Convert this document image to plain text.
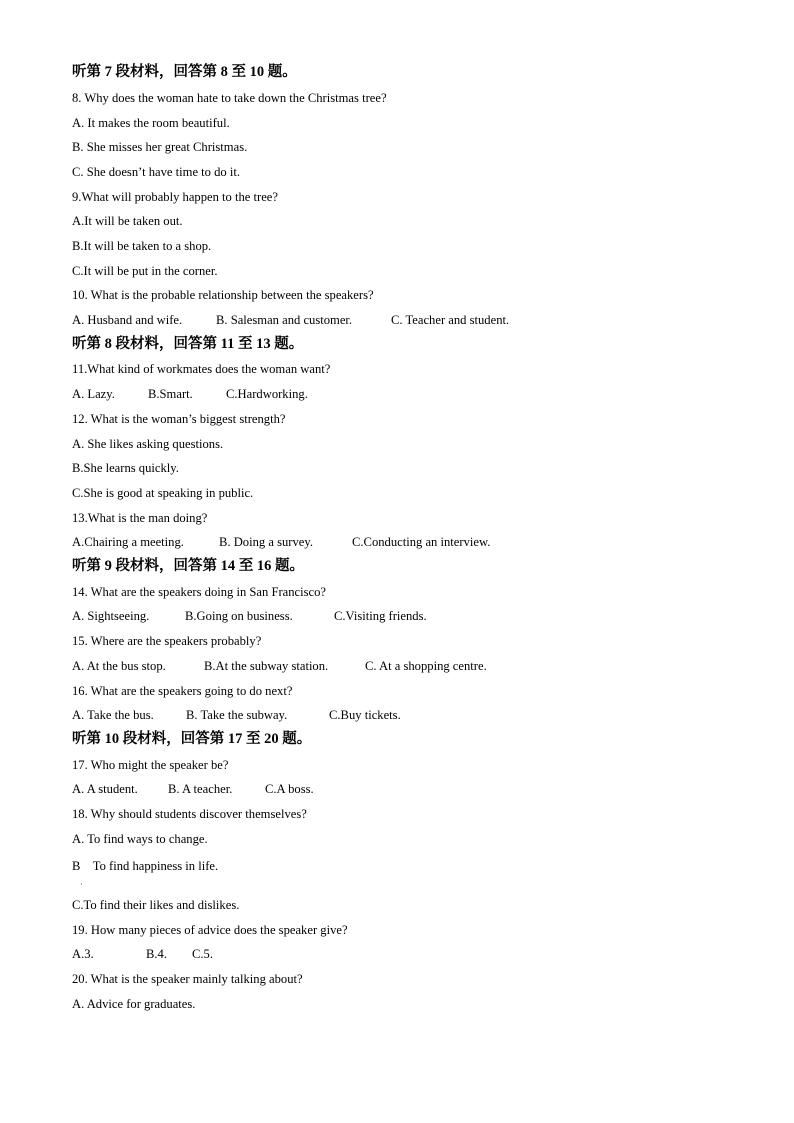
听第 7 段材料，回答第 8 至 10 题。
8. Why does the woman hate to take down the Christmas tree?
A. It makes the room beautiful.
B. She misses her great Christmas.
C. She doesn’t have time to do it.
9.What will probably happen to the tree?
A.It will be taken out.
B.It will be taken to a shop.
C.It will be put in the corner.
10. What is the probable relationship between the speakers?
A. Husband and wife.	B. Salesman and customer.	C. Teacher and student.
听第 8 段材料，回答第 11 至 13 题。
11.What kind of workmates does the woman want?
A. Lazy.	B.Smart.	C.Hardworking.
12. What is the woman’s biggest strength?
A. She likes asking questions.
B.She learns quickly.
C.She is good at speaking in public.
13.What is the man doing?
A.Chairing a meeting.	B. Doing a survey.	C.Conducting an interview.
听第 9 段材料，回答第 14 至 16 题。
14. What are the speakers doing in San Francisco?
A. Sightseeing.	B.Going on business.	C.Visiting friends.
15. Where are the speakers probably?
A. At the bus stop.	B.At the subway station.	C. At a shopping centre.
16. What are the speakers going to do next?
A. Take the bus.	B. Take the subway.	C.Buy tickets.
听第 10 段材料，回答第 17 至 20 题。
17. Who might the speaker be?
A. A student. B. A teacher.	C.A boss.
18. Why should students discover themselves?
A. To find ways to change.
B    To find happiness in life.
·
C.To find their likes and dislikes.
19. How many pieces of advice does the speaker give?
A.3.	B.4. C.5.
20. What is the speaker mainly talking about?
A. Advice for graduates.
